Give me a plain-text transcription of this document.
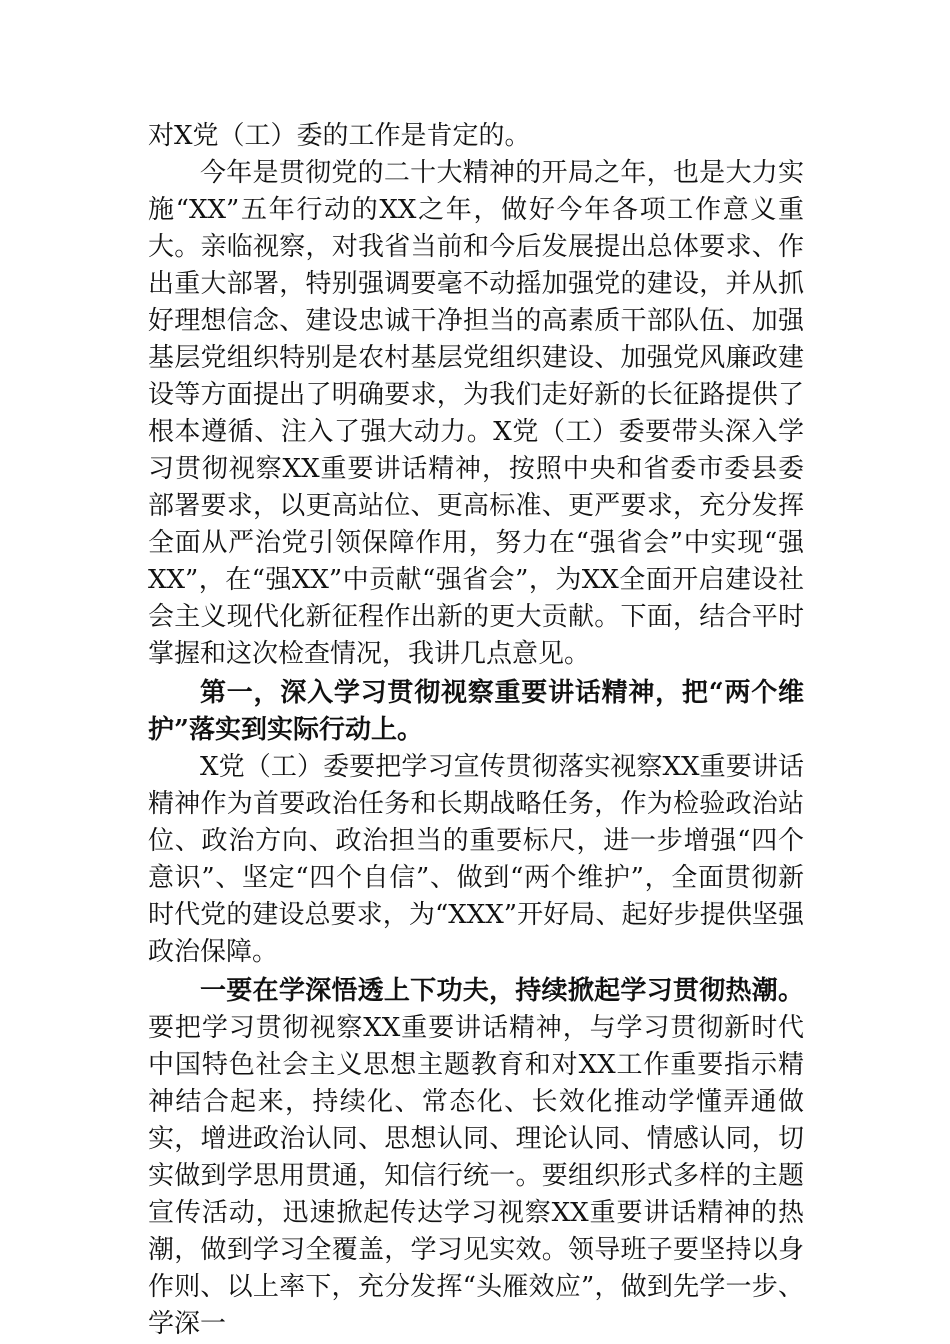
对X党（工）委的工作是肯定的。

今年是贯彻党的二十大精神的开局之年，也是大力实施“XX”五年行动的XX之年，做好今年各项工作意义重大。亲临视察，对我省当前和今后发展提出总体要求、作出重大部署，特别强调要毫不动摇加强党的建设，并从抓好理想信念、建设忠诚干净担当的高素质干部队伍、加强基层党组织特别是农村基层党组织建设、加强党风廉政建设等方面提出了明确要求，为我们走好新的长征路提供了根本遵循、注入了强大动力。X党（工）委要带头深入学习贯彻视察XX重要讲话精神，按照中央和省委市委县委部署要求，以更高站位、更高标准、更严要求，充分发挥全面从严治党引领保障作用，努力在“强省会”中实现“强XX”，在“强XX”中贡献“强省会”，为XX全面开启建设社会主义现代化新征程作出新的更大贡献。下面，结合平时掌握和这次检查情况，我讲几点意见。

第一，深入学习贯彻视察重要讲话精神，把“两个维护”落实到实际行动上。

X党（工）委要把学习宣传贯彻落实视察XX重要讲话精神作为首要政治任务和长期战略任务，作为检验政治站位、政治方向、政治担当的重要标尺，进一步增强“四个意识”、坚定“四个自信”、做到“两个维护”，全面贯彻新时代党的建设总要求，为“XXX”开好局、起好步提供坚强政治保障。

一要在学深悟透上下功夫，持续掀起学习贯彻热潮。要把学习贯彻视察XX重要讲话精神，与学习贯彻新时代中国特色社会主义思想主题教育和对XX工作重要指示精神结合起来，持续化、常态化、长效化推动学懂弄通做实，增进政治认同、思想认同、理论认同、情感认同，切实做到学思用贯通，知信行统一。要组织形式多样的主题宣传活动，迅速掀起传达学习视察XX重要讲话精神的热潮，做到学习全覆盖，学习见实效。领导班子要坚持以身作则、以上率下，充分发挥“头雁效应”，做到先学一步、学深一
